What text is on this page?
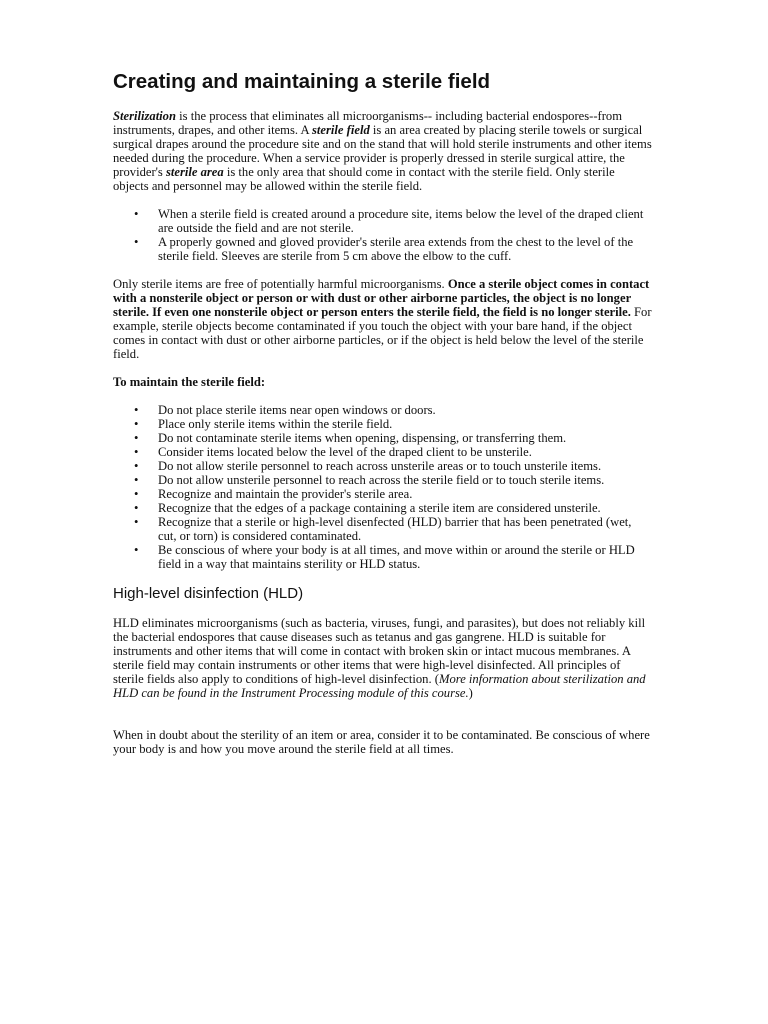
Creating and maintaining a sterile field

Sterilization is the process that eliminates all microorganisms-- including bacterial endospores--from instruments, drapes, and other items. A sterile field is an area created by placing sterile towels or surgical surgical drapes around the procedure site and on the stand that will hold sterile instruments and other items needed during the procedure. When a service provider is properly dressed in sterile surgical attire, the provider's sterile area is the only area that should come in contact with the sterile field. Only sterile objects and personnel may be allowed within the sterile field.

• When a sterile field is created around a procedure site, items below the level of the draped client are outside the field and are not sterile.
• A properly gowned and gloved provider's sterile area extends from the chest to the level of the sterile field. Sleeves are sterile from 5 cm above the elbow to the cuff.

Only sterile items are free of potentially harmful microorganisms. Once a sterile object comes in contact with a nonsterile object or person or with dust or other airborne particles, the object is no longer sterile. If even one nonsterile object or person enters the sterile field, the field is no longer sterile. For example, sterile objects become contaminated if you touch the object with your bare hand, if the object comes in contact with dust or other airborne particles, or if the object is held below the level of the sterile field.

To maintain the sterile field:

• Do not place sterile items near open windows or doors.
• Place only sterile items within the sterile field.
• Do not contaminate sterile items when opening, dispensing, or transferring them.
• Consider items located below the level of the draped client to be unsterile.
• Do not allow sterile personnel to reach across unsterile areas or to touch unsterile items.
• Do not allow unsterile personnel to reach across the sterile field or to touch sterile items.
• Recognize and maintain the provider's sterile area.
• Recognize that the edges of a package containing a sterile item are considered unsterile.
• Recognize that a sterile or high-level disenfected (HLD) barrier that has been penetrated (wet, cut, or torn) is considered contaminated.
• Be conscious of where your body is at all times, and move within or around the sterile or HLD field in a way that maintains sterility or HLD status.
High-level disinfection (HLD)

HLD eliminates microorganisms (such as bacteria, viruses, fungi, and parasites), but does not reliably kill the bacterial endospores that cause diseases such as tetanus and gas gangrene. HLD is suitable for instruments and other items that will come in contact with broken skin or intact mucous membranes. A sterile field may contain instruments or other items that were high-level disinfected. All principles of sterile fields also apply to conditions of high-level disinfection. (More information about sterilization and HLD can be found in the Instrument Processing module of this course.)

When in doubt about the sterility of an item or area, consider it to be contaminated. Be conscious of where your body is and how you move around the sterile field at all times.
